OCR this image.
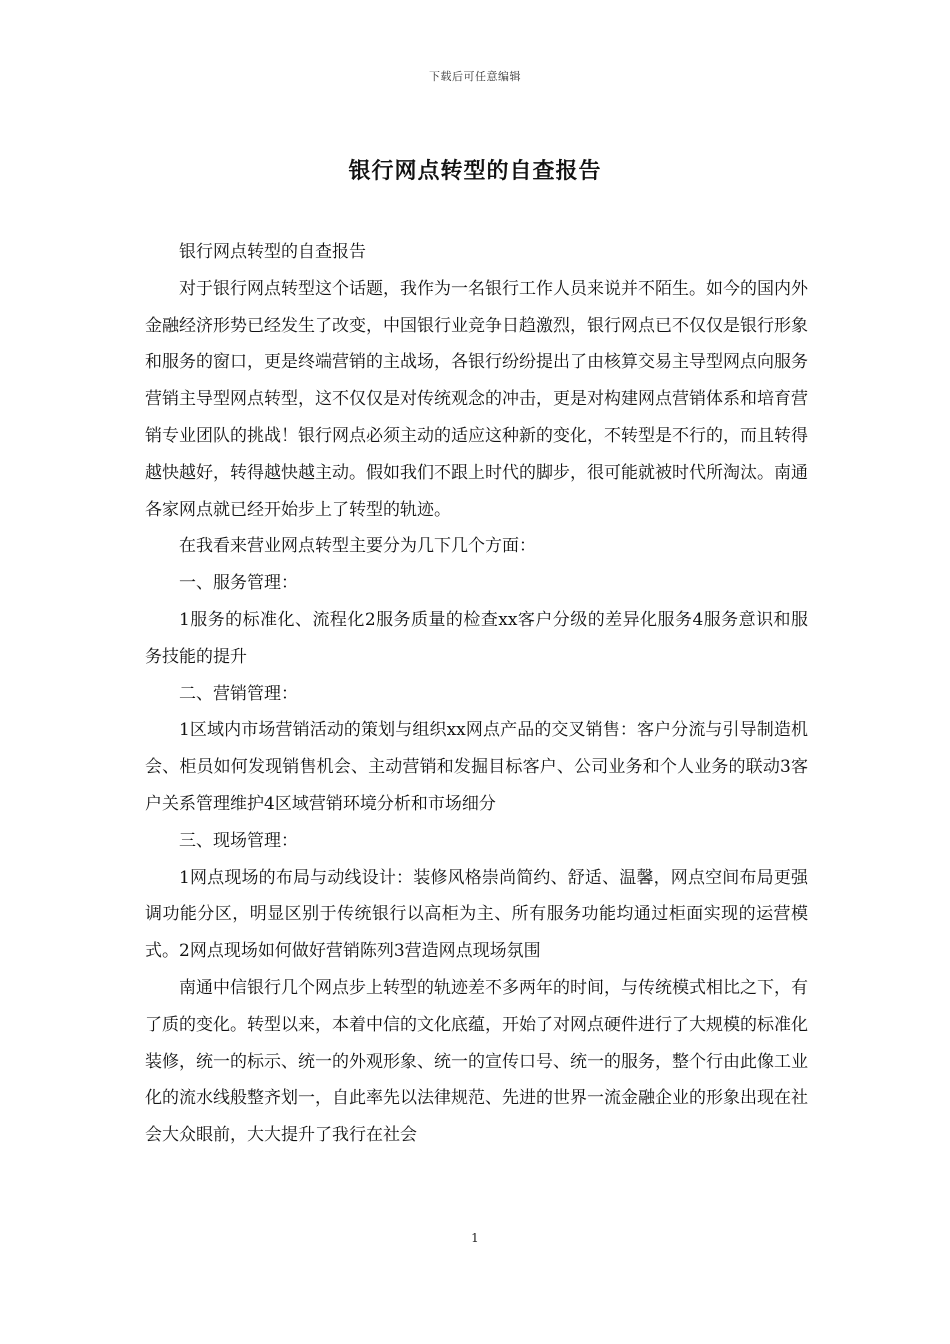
下载后可任意编辑
银行网点转型的自查报告

银行网点转型的自查报告

对于银行网点转型这个话题，我作为一名银行工作人员来说并不陌生。如今的国内外金融经济形势已经发生了改变，中国银行业竞争日趋激烈，银行网点已不仅仅是银行形象和服务的窗口，更是终端营销的主战场，各银行纷纷提出了由核算交易主导型网点向服务营销主导型网点转型，这不仅仅是对传统观念的冲击，更是对构建网点营销体系和培育营销专业团队的挑战！银行网点必须主动的适应这种新的变化，不转型是不行的，而且转得越快越好，转得越快越主动。假如我们不跟上时代的脚步，很可能就被时代所淘汰。南通各家网点就已经开始步上了转型的轨迹。

在我看来营业网点转型主要分为几下几个方面：

一、服务管理：

1服务的标准化、流程化2服务质量的检查xx客户分级的差异化服务4服务意识和服务技能的提升

二、营销管理：

1区域内市场营销活动的策划与组织xx网点产品的交叉销售：客户分流与引导制造机会、柜员如何发现销售机会、主动营销和发掘目标客户、公司业务和个人业务的联动3客户关系管理维护4区域营销环境分析和市场细分

三、现场管理：

1网点现场的布局与动线设计：装修风格崇尚简约、舒适、温馨，网点空间布局更强调功能分区，明显区别于传统银行以高柜为主、所有服务功能均通过柜面实现的运营模式。2网点现场如何做好营销陈列3营造网点现场氛围

南通中信银行几个网点步上转型的轨迹差不多两年的时间，与传统模式相比之下，有了质的变化。转型以来，本着中信的文化底蕴，开始了对网点硬件进行了大规模的标准化装修，统一的标示、统一的外观形象、统一的宣传口号、统一的服务，整个行由此像工业化的流水线般整齐划一，自此率先以法律规范、先进的世界一流金融企业的形象出现在社会大众眼前，大大提升了我行在社会

1
